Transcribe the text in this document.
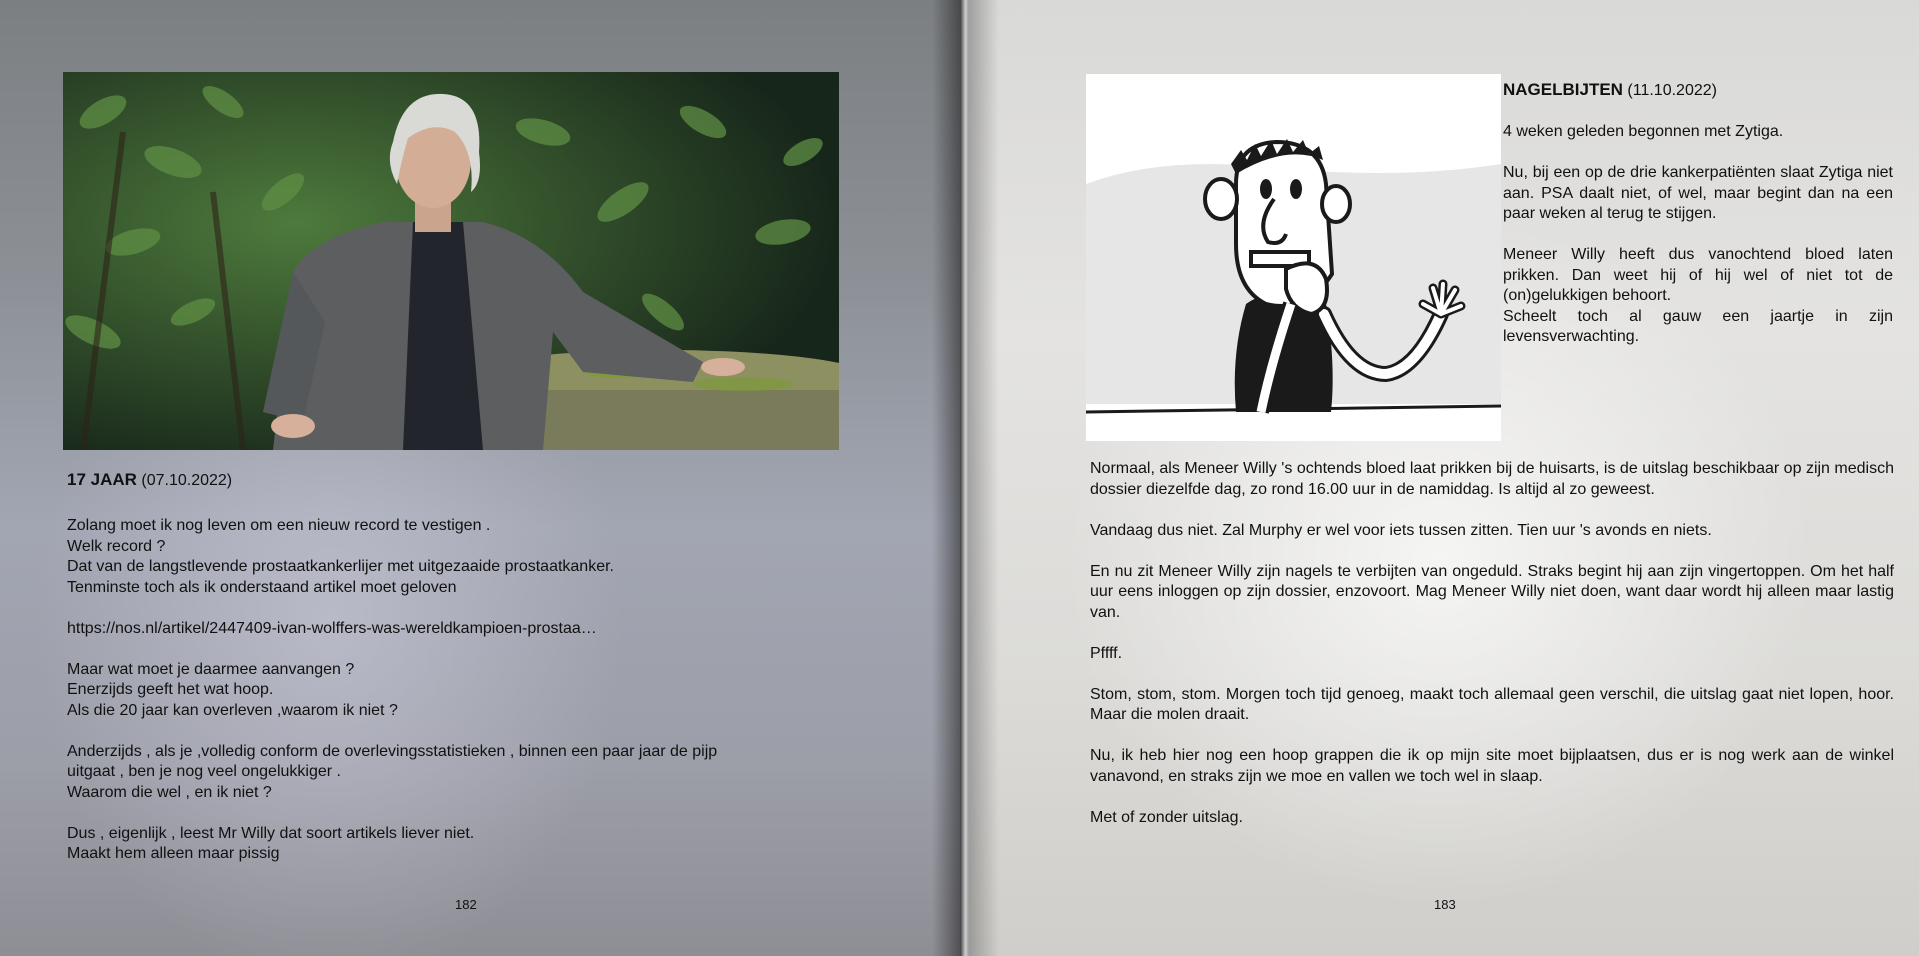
17 JAAR (07.10.2022)

Zolang moet ik nog leven om een nieuw record te vestigen .

Welk record ?

Dat van de langstlevende prostaatkankerlijer met uitgezaaide prostaatkanker.

Tenminste toch als ik onderstaand artikel moet geloven

https://nos.nl/artikel/2447409-ivan-wolffers-was-wereldkampioen-prostaa…

Maar wat moet je daarmee aanvangen ?

Enerzijds geeft het wat hoop.

Als die 20 jaar kan overleven ,waarom ik niet ?

Anderzijds , als je ,volledig conform de overlevingsstatistieken , binnen een paar jaar de pijp

uitgaat , ben je nog veel ongelukkiger .

Waarom die wel , en ik niet ?

Dus , eigenlijk , leest Mr Willy dat soort artikels liever niet.

Maakt hem alleen maar pissig

182
NAGELBIJTEN (11.10.2022)

4 weken geleden begonnen met Zytiga.

Nu, bij een op de drie kankerpatiënten slaat Zytiga niet aan. PSA daalt niet, of wel, maar begint dan na een paar weken al terug te stijgen.

Meneer Willy heeft dus vanochtend bloed laten prikken. Dan weet hij of hij wel of niet tot de (on)gelukkigen behoort.
Scheelt toch al gauw een jaartje in zijn levensverwachting.

Normaal, als Meneer Willy 's ochtends bloed laat prikken bij de huisarts, is de uitslag beschikbaar op zijn medisch dossier diezelfde dag, zo rond 16.00 uur in de namiddag. Is altijd al zo geweest.

Vandaag dus niet. Zal Murphy er wel voor iets tussen zitten. Tien uur 's avonds en niets.

En nu zit Meneer Willy zijn nagels te verbijten van ongeduld. Straks begint hij aan zijn vingertoppen. Om het half uur eens inloggen op zijn dossier, enzovoort. Mag Meneer Willy niet doen, want daar wordt hij alleen maar lastig van.

Pffff.

Stom, stom, stom. Morgen toch tijd genoeg, maakt toch allemaal geen verschil, die uitslag gaat niet lopen, hoor. Maar die molen draait.

Nu, ik heb hier nog een hoop grappen die ik op mijn site moet bijplaatsen, dus er is nog werk aan de winkel vanavond, en straks zijn we moe en vallen we toch wel in slaap.

Met of zonder uitslag.

183
